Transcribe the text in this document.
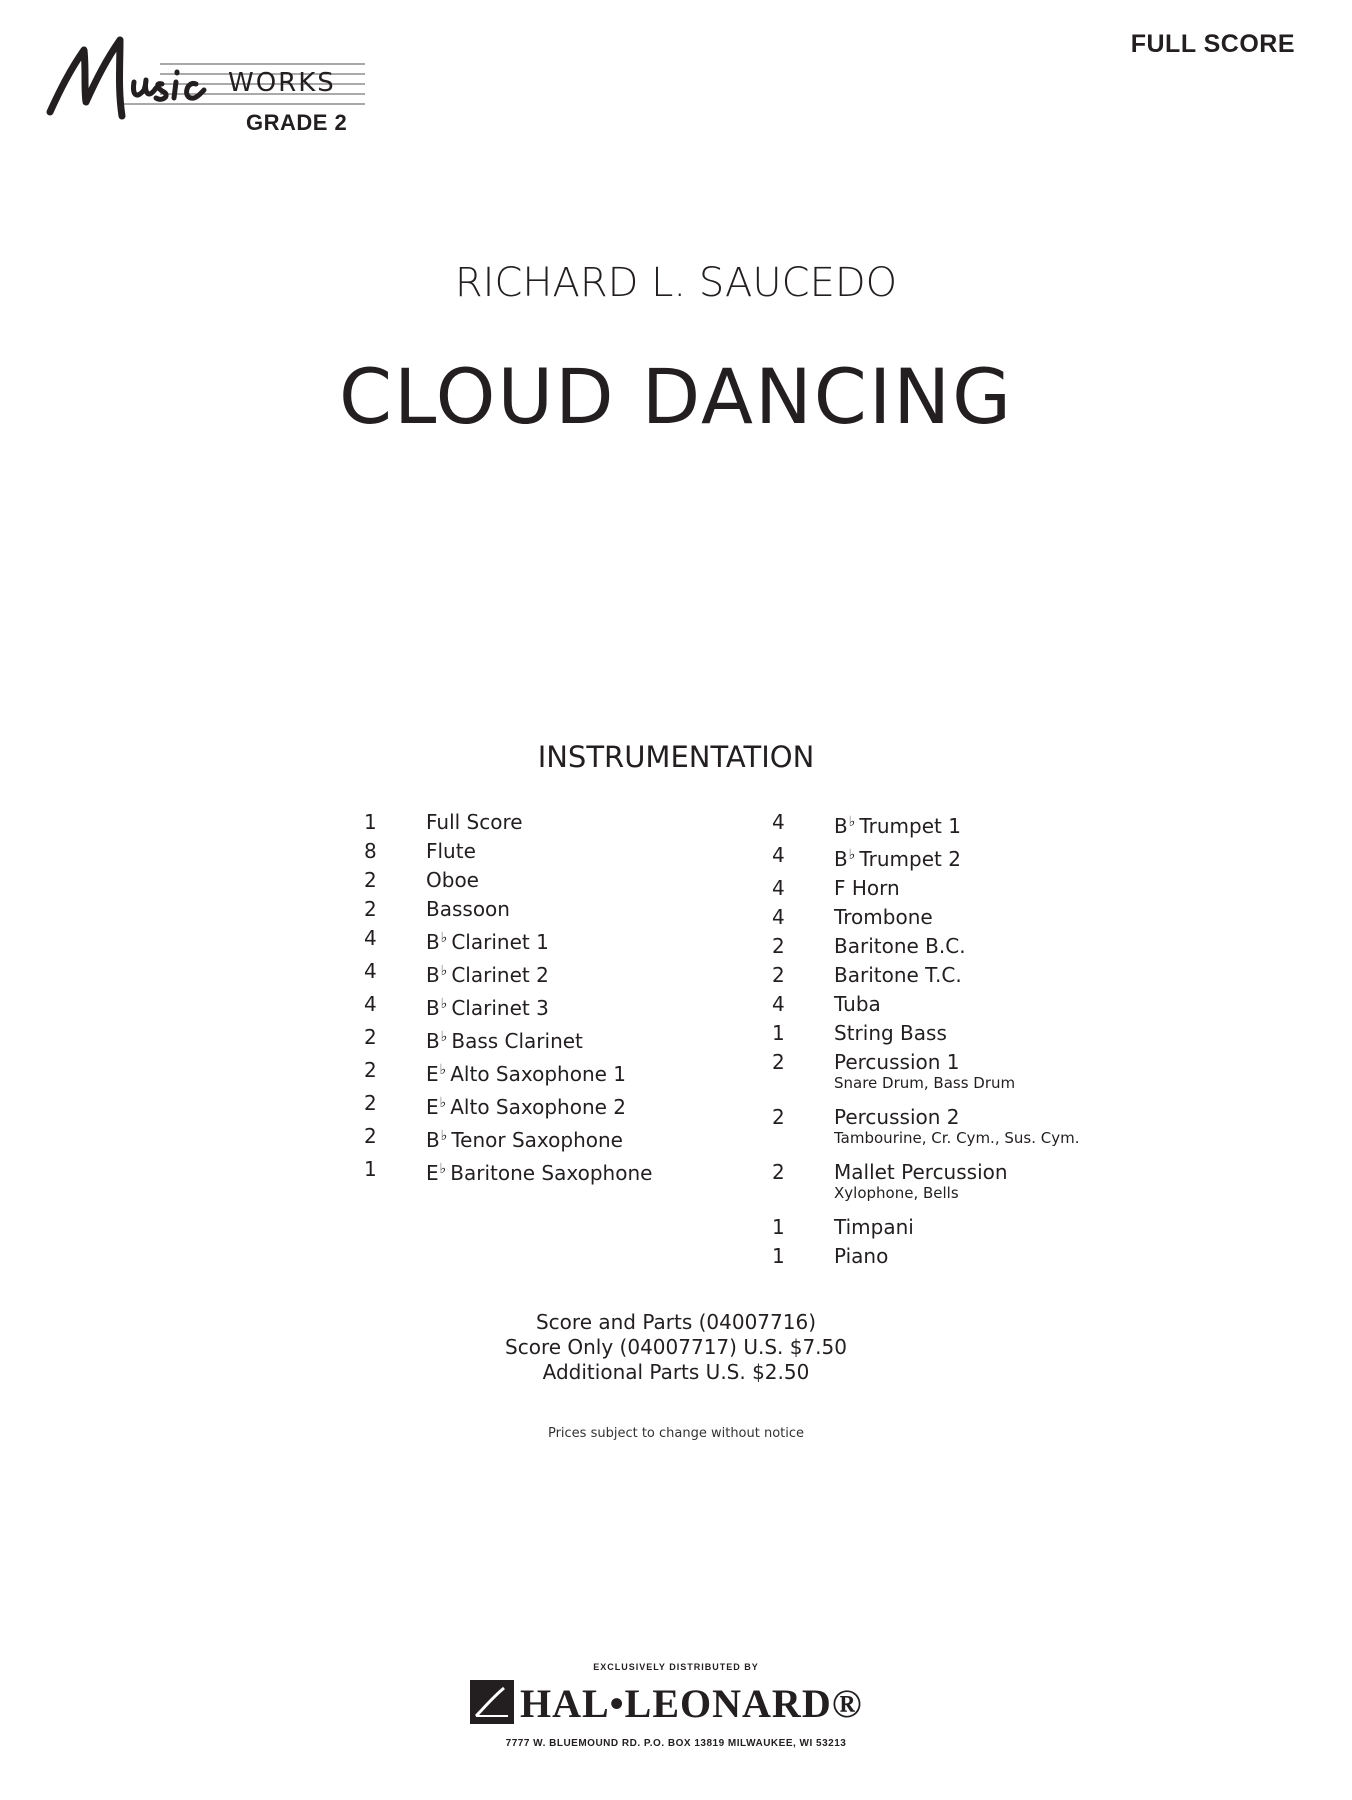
WORKS
GRADE 2
FULL SCORE
RICHARD L. SAUCEDO
CLOUD DANCING
INSTRUMENTATION
1	Full Score
8	Flute
2	Oboe
2	Bassoon
4	B♭ Clarinet 1
4	B♭ Clarinet 2
4	B♭ Clarinet 3
2	B♭ Bass Clarinet
2	E♭ Alto Saxophone 1
2	E♭ Alto Saxophone 2
2	B♭ Tenor Saxophone
1	E♭ Baritone Saxophone
4	B♭ Trumpet 1
4	B♭ Trumpet 2
4	F Horn
4	Trombone
2	Baritone B.C.
2	Baritone T.C.
4	Tuba
1	String Bass
2	Percussion 1
Snare Drum, Bass Drum
2	Percussion 2
Tambourine, Cr. Cym., Sus. Cym.
2	Mallet Percussion
Xylophone, Bells
1	Timpani
1	Piano
Score and Parts (04007716)
Score Only (04007717) U.S. $7.50
Additional Parts U.S. $2.50
Prices subject to change without notice
EXCLUSIVELY DISTRIBUTED BY
HAL•LEONARD®
7777 W. BLUEMOUND RD. P.O. BOX 13819 MILWAUKEE, WI 53213
